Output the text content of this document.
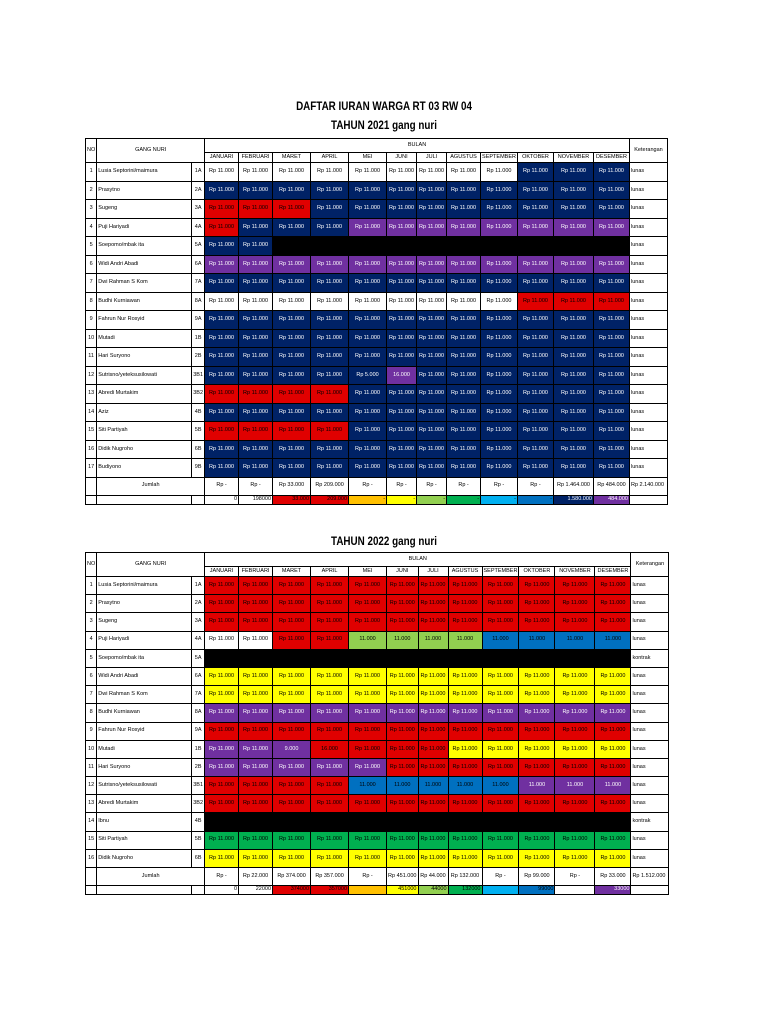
DAFTAR IURAN WARGA RT 03 RW 04
TAHUN 2021 gang nuri
NO	GANG NURI		BULAN												Keterangan
			JANUARI	FEBRUARI	MARET	APRIL	MEI	JUNI	JULI	AGUSTUS	SEPTEMBER	OKTOBER	NOVEMBER	DESEMBER	
1	Lusia Septorini/maimura	1A	Rp 11.000	Rp 11.000	Rp 11.000	Rp 11.000	Rp 11.000	Rp 11.000	Rp 11.000	Rp 11.000	Rp 11.000	Rp 11.000	Rp 11.000	Rp 11.000	lunas
2	Prasytno	2A	Rp 11.000	Rp 11.000	Rp 11.000	Rp 11.000	Rp 11.000	Rp 11.000	Rp 11.000	Rp 11.000	Rp 11.000	Rp 11.000	Rp 11.000	Rp 11.000	lunas
3	Sugeng	3A	Rp 11.000	Rp 11.000	Rp 11.000	Rp 11.000	Rp 11.000	Rp 11.000	Rp 11.000	Rp 11.000	Rp 11.000	Rp 11.000	Rp 11.000	Rp 11.000	lunas
4	Puji Hariyadi	4A	Rp 11.000	Rp 11.000	Rp 11.000	Rp 11.000	Rp 11.000	Rp 11.000	Rp 11.000	Rp 11.000	Rp 11.000	Rp 11.000	Rp 11.000	Rp 11.000	lunas
5	Soepomo/mbak ita	5A	Rp 11.000	Rp 11.000											lunas
6	Widi Andri Abadi	6A	Rp 11.000	Rp 11.000	Rp 11.000	Rp 11.000	Rp 11.000	Rp 11.000	Rp 11.000	Rp 11.000	Rp 11.000	Rp 11.000	Rp 11.000	Rp 11.000	lunas
7	Dwi Rahman S Kom	7A	Rp 11.000	Rp 11.000	Rp 11.000	Rp 11.000	Rp 11.000	Rp 11.000	Rp 11.000	Rp 11.000	Rp 11.000	Rp 11.000	Rp 11.000	Rp 11.000	lunas
8	Budhi Kurniawan	8A	Rp 11.000	Rp 11.000	Rp 11.000	Rp 11.000	Rp 11.000	Rp 11.000	Rp 11.000	Rp 11.000	Rp 11.000	Rp 11.000	Rp 11.000	Rp 11.000	lunas
9	Fahrun Nur Rosyid	9A	Rp 11.000	Rp 11.000	Rp 11.000	Rp 11.000	Rp 11.000	Rp 11.000	Rp 11.000	Rp 11.000	Rp 11.000	Rp 11.000	Rp 11.000	Rp 11.000	lunas
10	Mutadi	1B	Rp 11.000	Rp 11.000	Rp 11.000	Rp 11.000	Rp 11.000	Rp 11.000	Rp 11.000	Rp 11.000	Rp 11.000	Rp 11.000	Rp 11.000	Rp 11.000	lunas
11	Hari Suryono	2B	Rp 11.000	Rp 11.000	Rp 11.000	Rp 11.000	Rp 11.000	Rp 11.000	Rp 11.000	Rp 11.000	Rp 11.000	Rp 11.000	Rp 11.000	Rp 11.000	lunas
12	Sutrisno/yeteksusilowati	3B1	Rp 11.000	Rp 11.000	Rp 11.000	Rp 11.000	Rp 5.000	16.000	Rp 11.000	Rp 11.000	Rp 11.000	Rp 11.000	Rp 11.000	Rp 11.000	lunas
13	Abredi Murtakim	3B2	Rp 11.000	Rp 11.000	Rp 11.000	Rp 11.000	Rp 11.000	Rp 11.000	Rp 11.000	Rp 11.000	Rp 11.000	Rp 11.000	Rp 11.000	Rp 11.000	lunas
14	Aziz	4B	Rp 11.000	Rp 11.000	Rp 11.000	Rp 11.000	Rp 11.000	Rp 11.000	Rp 11.000	Rp 11.000	Rp 11.000	Rp 11.000	Rp 11.000	Rp 11.000	lunas
15	Siti Partiyah	5B	Rp 11.000	Rp 11.000	Rp 11.000	Rp 11.000	Rp 11.000	Rp 11.000	Rp 11.000	Rp 11.000	Rp 11.000	Rp 11.000	Rp 11.000	Rp 11.000	lunas
16	Didik Nugroho	6B	Rp 11.000	Rp 11.000	Rp 11.000	Rp 11.000	Rp 11.000	Rp 11.000	Rp 11.000	Rp 11.000	Rp 11.000	Rp 11.000	Rp 11.000	Rp 11.000	lunas
17	Budiyono	9B	Rp 11.000	Rp 11.000	Rp 11.000	Rp 11.000	Rp 11.000	Rp 11.000	Rp 11.000	Rp 11.000	Rp 11.000	Rp 11.000	Rp 11.000	Rp 11.000	lunas
	Jumlah		Rp -	Rp -	Rp 33.000	Rp 209.000	Rp -	Rp -	Rp -	Rp -	Rp -	Rp -	Rp 1.464.000	Rp 484.000	Rp 2.140.000
			0	198000	33.000	209.000	-	-	-	-	-	-	1.580.000	484.000	
TAHUN 2022 gang nuri
NO	GANG NURI		BULAN												Keterangan
			JANUARI	FEBRUARI	MARET	APRIL	MEI	JUNI	JULI	AGUSTUS	SEPTEMBER	OKTOBER	NOVEMBER	DESEMBER	
1	Lusia Septorini/maimura	1A	Rp 11.000	Rp 11.000	Rp 11.000	Rp 11.000	Rp 11.000	Rp 11.000	Rp 11.000	Rp 11.000	Rp 11.000	Rp 11.000	Rp 11.000	Rp 11.000	lunas
2	Prasytno	2A	Rp 11.000	Rp 11.000	Rp 11.000	Rp 11.000	Rp 11.000	Rp 11.000	Rp 11.000	Rp 11.000	Rp 11.000	Rp 11.000	Rp 11.000	Rp 11.000	lunas
3	Sugeng	3A	Rp 11.000	Rp 11.000	Rp 11.000	Rp 11.000	Rp 11.000	Rp 11.000	Rp 11.000	Rp 11.000	Rp 11.000	Rp 11.000	Rp 11.000	Rp 11.000	lunas
4	Puji Hariyadi	4A	Rp 11.000	Rp 11.000	Rp 11.000	Rp 11.000	11.000	11.000	11.000	11.000	11.000	11.000	11.000	11.000	lunas
5	Soepomo/mbak ita	5A													kontrak
6	Widi Andri Abadi	6A	Rp 11.000	Rp 11.000	Rp 11.000	Rp 11.000	Rp 11.000	Rp 11.000	Rp 11.000	Rp 11.000	Rp 11.000	Rp 11.000	Rp 11.000	Rp 11.000	lunas
7	Dwi Rahman S Kom	7A	Rp 11.000	Rp 11.000	Rp 11.000	Rp 11.000	Rp 11.000	Rp 11.000	Rp 11.000	Rp 11.000	Rp 11.000	Rp 11.000	Rp 11.000	Rp 11.000	lunas
8	Budhi Kurniawan	8A	Rp 11.000	Rp 11.000	Rp 11.000	Rp 11.000	Rp 11.000	Rp 11.000	Rp 11.000	Rp 11.000	Rp 11.000	Rp 11.000	Rp 11.000	Rp 11.000	lunas
9	Fahrun Nur Rosyid	9A	Rp 11.000	Rp 11.000	Rp 11.000	Rp 11.000	Rp 11.000	Rp 11.000	Rp 11.000	Rp 11.000	Rp 11.000	Rp 11.000	Rp 11.000	Rp 11.000	lunas
10	Mutadi	1B	Rp 11.000	Rp 11.000	9.000	16.000	Rp 11.000	Rp 11.000	Rp 11.000	Rp 11.000	Rp 11.000	Rp 11.000	Rp 11.000	Rp 11.000	lunas
11	Hari Suryono	2B	Rp 11.000	Rp 11.000	Rp 11.000	Rp 11.000	Rp 11.000	Rp 11.000	Rp 11.000	Rp 11.000	Rp 11.000	Rp 11.000	Rp 11.000	Rp 11.000	lunas
12	Sutrisno/yeteksusilowati	3B1	Rp 11.000	Rp 11.000	Rp 11.000	Rp 11.000	11.000	11.000	11.000	11.000	11.000	11.000	11.000	11.000	lunas
13	Abredi Murtakim	3B2	Rp 11.000	Rp 11.000	Rp 11.000	Rp 11.000	Rp 11.000	Rp 11.000	Rp 11.000	Rp 11.000	Rp 11.000	Rp 11.000	Rp 11.000	Rp 11.000	lunas
14	Ibnu	4B													kontrak
15	Siti Partiyah	5B	Rp 11.000	Rp 11.000	Rp 11.000	Rp 11.000	Rp 11.000	Rp 11.000	Rp 11.000	Rp 11.000	Rp 11.000	Rp 11.000	Rp 11.000	Rp 11.000	lunas
16	Didik Nugroho	6B	Rp 11.000	Rp 11.000	Rp 11.000	Rp 11.000	Rp 11.000	Rp 11.000	Rp 11.000	Rp 11.000	Rp 11.000	Rp 11.000	Rp 11.000	Rp 11.000	lunas
	Jumlah		Rp -	Rp 22.000	Rp 374.000	Rp 357.000	Rp -	Rp 451.000	Rp 44.000	Rp 132.000	Rp -	Rp 99.000	Rp -	Rp 33.000	Rp 1.512.000
			0	22000	374000	357000		451000	44000	132000		99000		33000	
